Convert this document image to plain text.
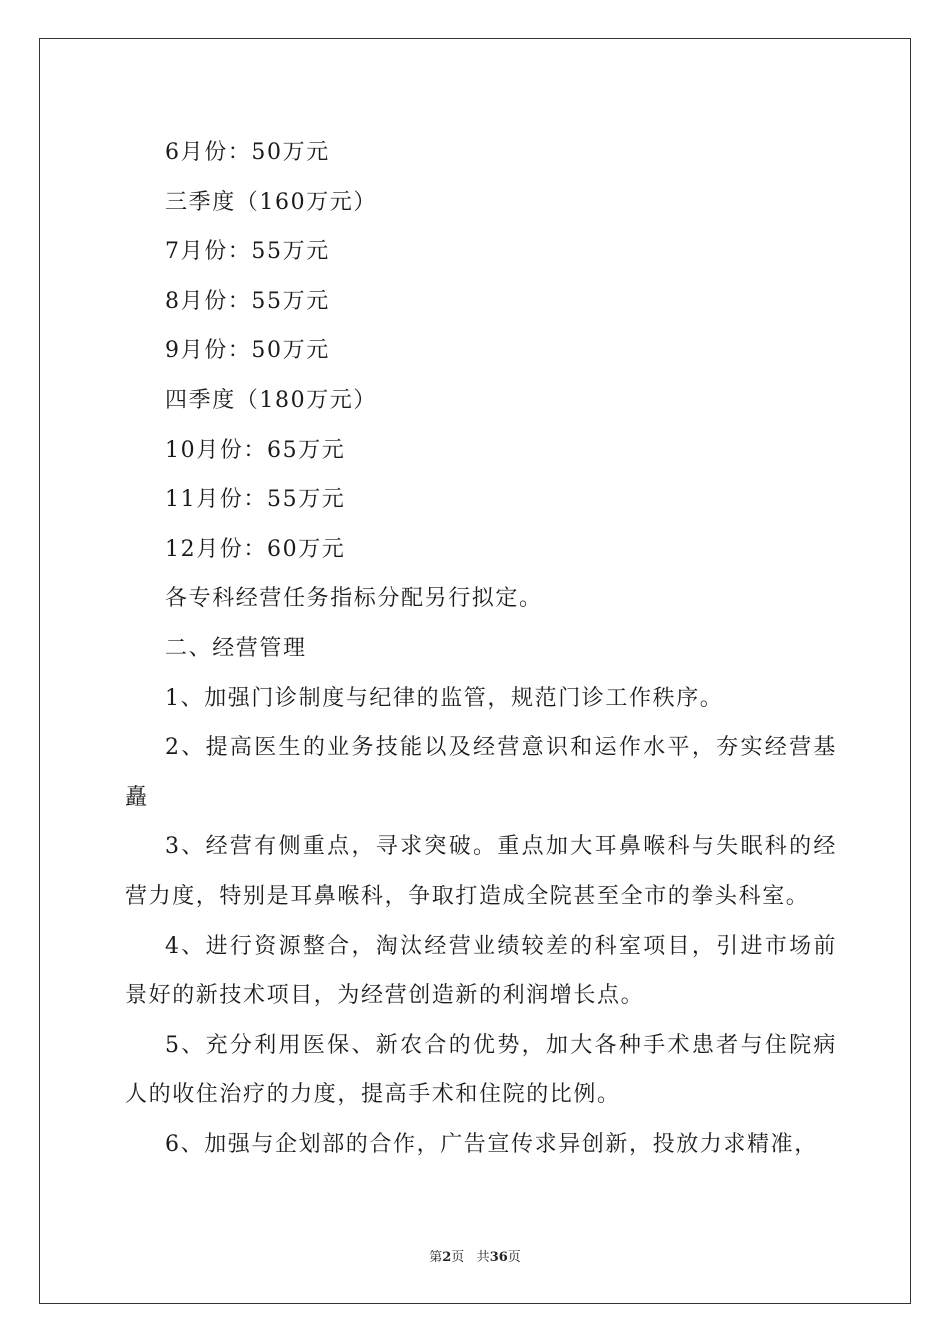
6月份：50万元
三季度（160万元）
7月份：55万元
8月份：55万元
9月份：50万元
四季度（180万元）
10月份：65万元
11月份：55万元
12月份：60万元
各专科经营任务指标分配另行拟定。
二、经营管理
1、加强门诊制度与纪律的监管，规范门诊工作秩序。
2、提高医生的业务技能以及经营意识和运作水平，夯实经营基矗
3、经营有侧重点，寻求突破。重点加大耳鼻喉科与失眠科的经营力度，特别是耳鼻喉科，争取打造成全院甚至全市的拳头科室。
4、进行资源整合，淘汰经营业绩较差的科室项目，引进市场前景好的新技术项目，为经营创造新的利润增长点。
5、充分利用医保、新农合的优势，加大各种手术患者与住院病人的收住治疗的力度，提高手术和住院的比例。
6、加强与企划部的合作，广告宣传求异创新，投放力求精准，
第2页 共36页
